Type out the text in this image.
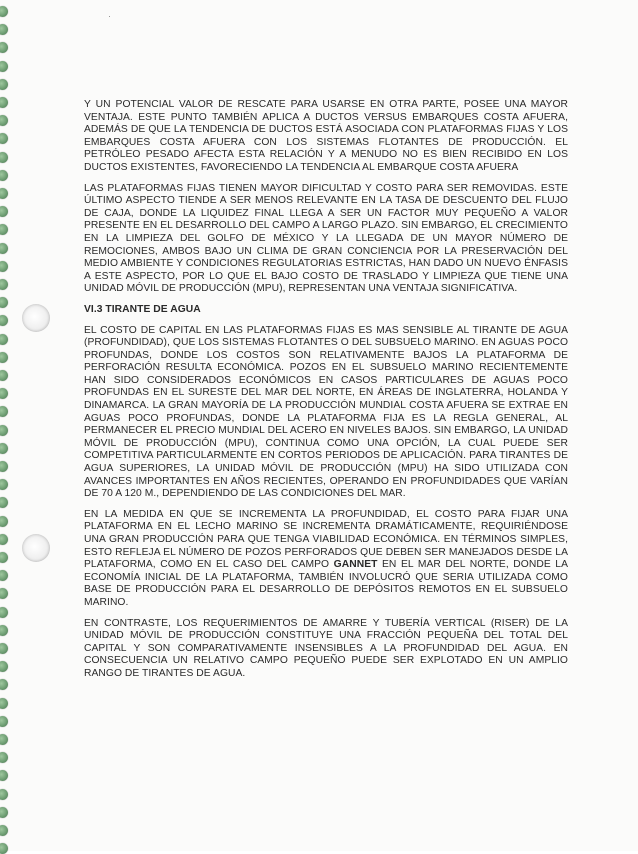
Y UN POTENCIAL VALOR DE RESCATE PARA USARSE EN OTRA PARTE, POSEE UNA MAYOR VENTAJA. ESTE PUNTO TAMBIÉN APLICA A DUCTOS VERSUS EMBARQUES COSTA AFUERA, ADEMÁS DE QUE LA TENDENCIA DE DUCTOS ESTÁ ASOCIADA CON PLATAFORMAS FIJAS Y LOS EMBARQUES COSTA AFUERA CON LOS SISTEMAS FLOTANTES DE PRODUCCIÓN. EL PETRÓLEO PESADO AFECTA ESTA RELACIÓN Y A MENUDO NO ES BIEN RECIBIDO EN LOS DUCTOS EXISTENTES, FAVORECIENDO LA TENDENCIA AL EMBARQUE COSTA AFUERA

LAS PLATAFORMAS FIJAS TIENEN MAYOR DIFICULTAD Y COSTO PARA SER REMOVIDAS. ESTE ÚLTIMO ASPECTO TIENDE A SER MENOS RELEVANTE EN LA TASA DE DESCUENTO DEL FLUJO DE CAJA, DONDE LA LIQUIDEZ FINAL LLEGA A SER UN FACTOR MUY PEQUEÑO A VALOR PRESENTE EN EL DESARROLLO DEL CAMPO A LARGO PLAZO. SIN EMBARGO, EL CRECIMIENTO EN LA LIMPIEZA DEL GOLFO DE MÉXICO Y LA LLEGADA DE UN MAYOR NÚMERO DE REMOCIONES, AMBOS BAJO UN CLIMA DE GRAN CONCIENCIA POR LA PRESERVACIÓN DEL MEDIO AMBIENTE Y CONDICIONES REGULATORIAS ESTRICTAS, HAN DADO UN NUEVO ÉNFASIS A ESTE ASPECTO, POR LO QUE EL BAJO COSTO DE TRASLADO Y LIMPIEZA QUE TIENE UNA UNIDAD MÓVIL DE PRODUCCIÓN (MPU), REPRESENTAN UNA VENTAJA SIGNIFICATIVA.

VI.3 TIRANTE DE AGUA

EL COSTO DE CAPITAL EN LAS PLATAFORMAS FIJAS ES MAS SENSIBLE AL TIRANTE DE AGUA (PROFUNDIDAD), QUE LOS SISTEMAS FLOTANTES O DEL SUBSUELO MARINO. EN AGUAS POCO PROFUNDAS, DONDE LOS COSTOS SON RELATIVAMENTE BAJOS LA PLATAFORMA DE PERFORACIÓN RESULTA ECONÓMICA. POZOS EN EL SUBSUELO MARINO RECIENTEMENTE HAN SIDO CONSIDERADOS ECONÓMICOS EN CASOS PARTICULARES DE AGUAS POCO PROFUNDAS EN EL SURESTE DEL MAR DEL NORTE, EN ÁREAS DE INGLATERRA, HOLANDA Y DINAMARCA. LA GRAN MAYORÍA DE LA PRODUCCIÓN MUNDIAL COSTA AFUERA SE EXTRAE EN AGUAS POCO PROFUNDAS, DONDE LA PLATAFORMA FIJA ES LA REGLA GENERAL, AL PERMANECER EL PRECIO MUNDIAL DEL ACERO EN NIVELES BAJOS. SIN EMBARGO, LA UNIDAD MÓVIL DE PRODUCCIÓN (MPU), CONTINUA COMO UNA OPCIÓN, LA CUAL PUEDE SER COMPETITIVA PARTICULARMENTE EN CORTOS PERIODOS DE APLICACIÓN. PARA TIRANTES DE AGUA SUPERIORES, LA UNIDAD MÓVIL DE PRODUCCIÓN (MPU) HA SIDO UTILIZADA CON AVANCES IMPORTANTES EN AÑOS RECIENTES, OPERANDO EN PROFUNDIDADES QUE VARÍAN DE 70 A 120 M., DEPENDIENDO DE LAS CONDICIONES DEL MAR.

EN LA MEDIDA EN QUE SE INCREMENTA LA PROFUNDIDAD, EL COSTO PARA FIJAR UNA PLATAFORMA EN EL LECHO MARINO SE INCREMENTA DRAMÁTICAMENTE, REQUIRIÉNDOSE UNA GRAN PRODUCCIÓN PARA QUE TENGA VIABILIDAD ECONÓMICA. EN TÉRMINOS SIMPLES, ESTO REFLEJA EL NÚMERO DE POZOS PERFORADOS QUE DEBEN SER MANEJADOS DESDE LA PLATAFORMA, COMO EN EL CASO DEL CAMPO GANNET EN EL MAR DEL NORTE, DONDE LA ECONOMÍA INICIAL DE LA PLATAFORMA, TAMBIÉN INVOLUCRÓ QUE SERIA UTILIZADA COMO BASE DE PRODUCCIÓN PARA EL DESARROLLO DE DEPÓSITOS REMOTOS EN EL SUBSUELO MARINO.

EN CONTRASTE, LOS REQUERIMIENTOS DE AMARRE Y TUBERÍA VERTICAL (RISER) DE LA UNIDAD MÓVIL DE PRODUCCIÓN CONSTITUYE UNA FRACCIÓN PEQUEÑA DEL TOTAL DEL CAPITAL Y SON COMPARATIVAMENTE INSENSIBLES A LA PROFUNDIDAD DEL AGUA. EN CONSECUENCIA UN RELATIVO CAMPO PEQUEÑO PUEDE SER EXPLOTADO EN UN AMPLIO RANGO DE TIRANTES DE AGUA.
